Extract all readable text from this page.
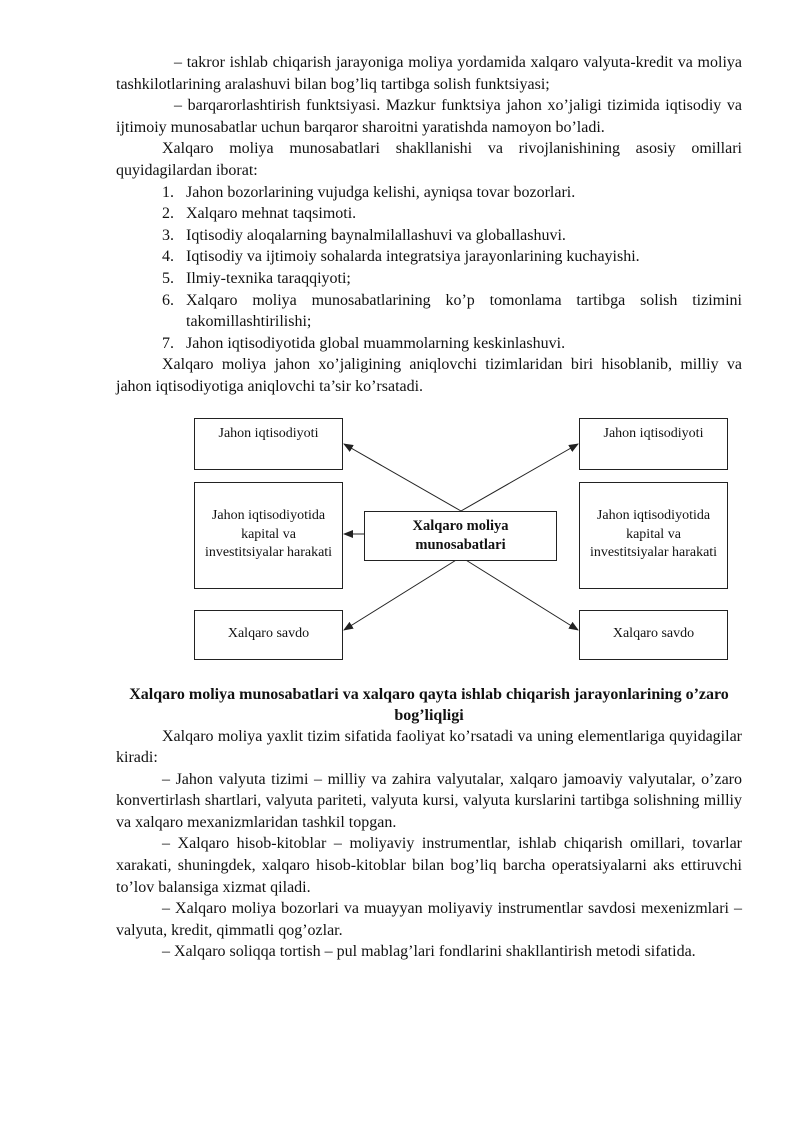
– takror ishlab chiqarish jarayoniga moliya yordamida xalqaro valyuta-kredit va moliya tashkilotlarining aralashuvi bilan bog’liq tartibga solish funktsiyasi;

– barqarorlashtirish funktsiyasi. Mazkur funktsiya jahon xo’jaligi tizimida iqtisodiy va ijtimoiy munosabatlar uchun barqaror sharoitni yaratishda namoyon bo’ladi.

Xalqaro moliya munosabatlari shakllanishi va rivojlanishining asosiy omillari quyidagilardan iborat:

1. Jahon bozorlarining vujudga kelishi, ayniqsa tovar bozorlari.
2. Xalqaro mehnat taqsimoti.
3. Iqtisodiy aloqalarning baynalmilallashuvi va globallashuvi.
4. Iqtisodiy va ijtimoiy sohalarda integratsiya jarayonlarining kuchayishi.
5. Ilmiy-texnika taraqqiyoti;
6. Xalqaro moliya munosabatlarining ko’p tomonlama tartibga solish tizimini takomillashtirilishi;
7. Jahon iqtisodiyotida global muammolarning keskinlashuvi.

Xalqaro moliya jahon xo’jaligining aniqlovchi tizimlaridan biri hisoblanib, milliy va jahon iqtisodiyotiga aniqlovchi ta’sir ko’rsatadi.

Jahon iqtisodiyoti	Jahon iqtisodiyoti
Jahon iqtisodiyotida kapital va investitsiyalar harakati
Xalqaro moliya munosabatlari
Jahon iqtisodiyotida kapital va investitsiyalar harakati
Xalqaro savdo	Xalqaro savdo
Xalqaro moliya munosabatlari va xalqaro qayta ishlab chiqarish jarayonlarining o’zaro bog’liqligi

Xalqaro moliya yaxlit tizim sifatida faoliyat ko’rsatadi va uning elementlariga quyidagilar kiradi:

– Jahon valyuta tizimi – milliy va zahira valyutalar, xalqaro jamoaviy valyutalar, o’zaro konvertirlash shartlari, valyuta pariteti, valyuta kursi, valyuta kurslarini tartibga solishning milliy va xalqaro mexanizmlaridan tashkil topgan.

– Xalqaro hisob-kitoblar – moliyaviy instrumentlar, ishlab chiqarish omillari, tovarlar xarakati, shuningdek, xalqaro hisob-kitoblar bilan bog’liq barcha operatsiyalarni aks ettiruvchi to’lov balansiga xizmat qiladi.

– Xalqaro moliya bozorlari va muayyan moliyaviy instrumentlar savdosi mexenizmlari – valyuta, kredit, qimmatli qog’ozlar.

– Xalqaro soliqqa tortish – pul mablag’lari fondlarini shakllantirish metodi sifatida.
